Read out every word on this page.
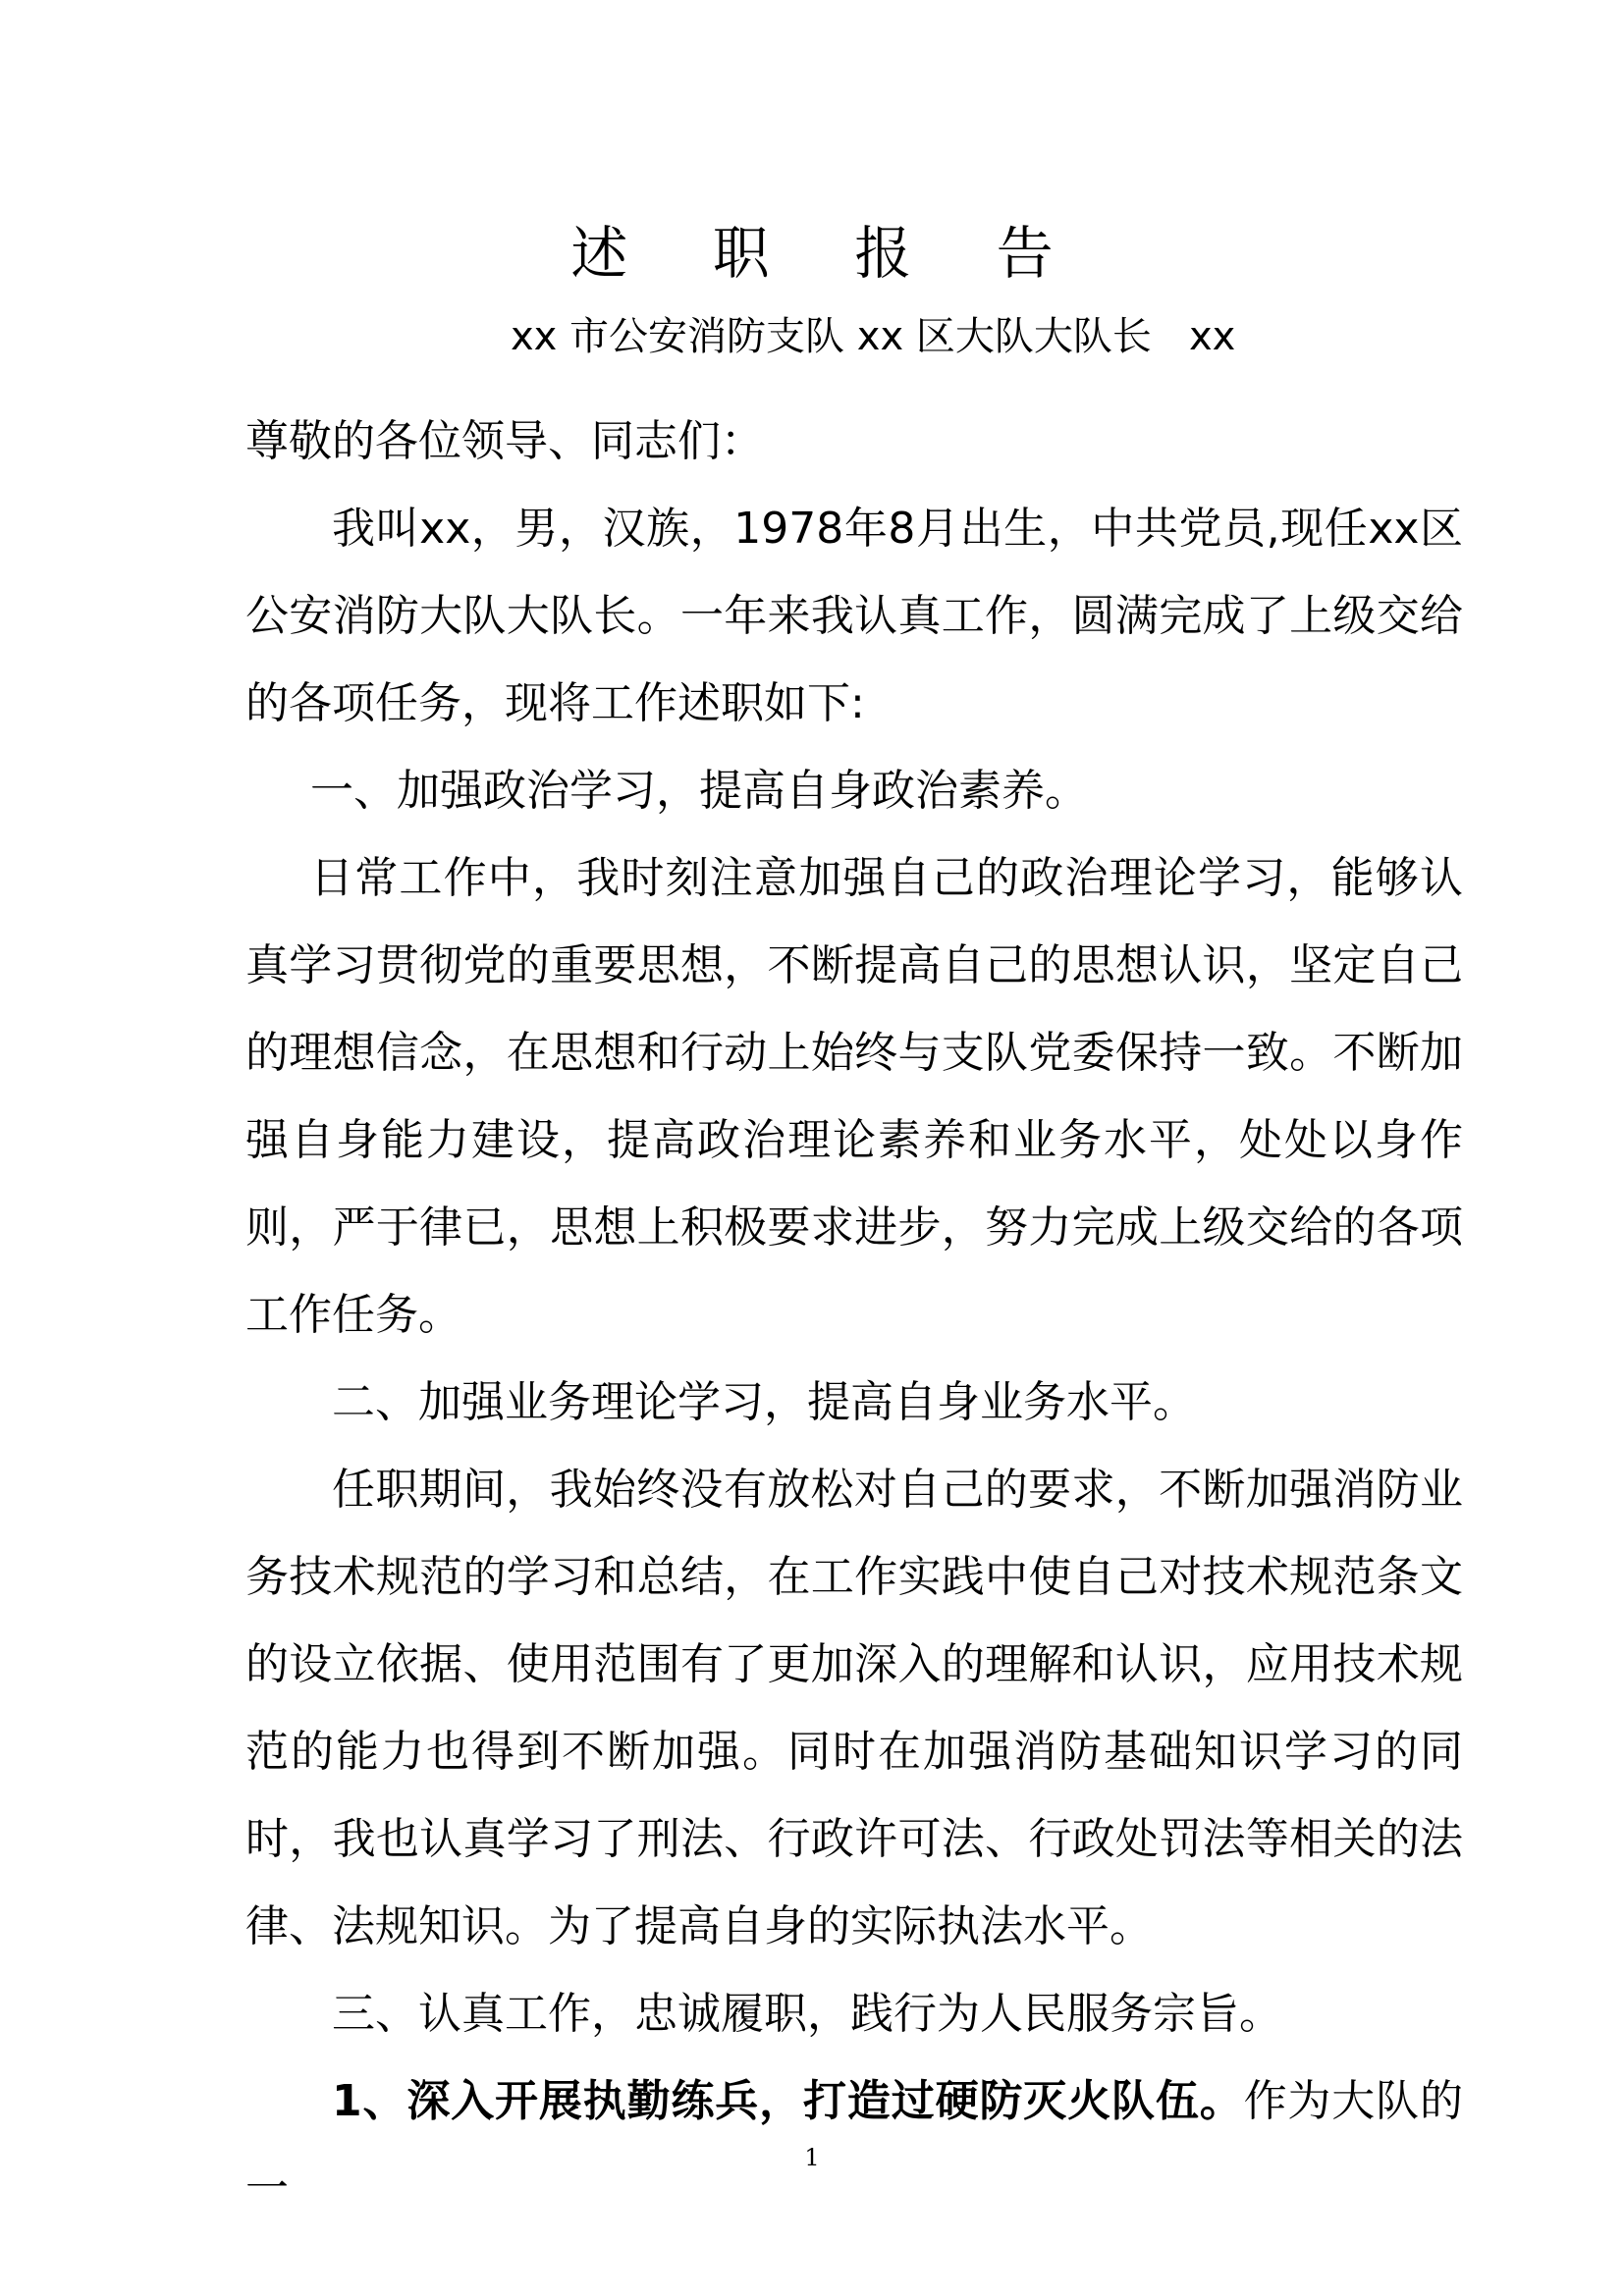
述 职 报 告
xx 市公安消防支队 xx 区大队大队长   xx

尊敬的各位领导、同志们：

我叫xx，男，汉族，1978年8月出生，中共党员,现任xx区公安消防大队大队长。一年来我认真工作，圆满完成了上级交给的各项任务，现将工作述职如下:

一、加强政治学习，提高自身政治素养。

日常工作中，我时刻注意加强自己的政治理论学习，能够认真学习贯彻党的重要思想，不断提高自己的思想认识，坚定自己的理想信念，在思想和行动上始终与支队党委保持一致。不断加强自身能力建设，提高政治理论素养和业务水平，处处以身作则，严于律已，思想上积极要求进步，努力完成上级交给的各项工作任务。

二、加强业务理论学习，提高自身业务水平。

任职期间，我始终没有放松对自己的要求，不断加强消防业务技术规范的学习和总结，在工作实践中使自己对技术规范条文的设立依据、使用范围有了更加深入的理解和认识，应用技术规范的能力也得到不断加强。同时在加强消防基础知识学习的同时，我也认真学习了刑法、行政许可法、行政处罚法等相关的法律、法规知识。为了提高自身的实际执法水平。

三、认真工作，忠诚履职，践行为人民服务宗旨。

1、深入开展执勤练兵，打造过硬防灭火队伍。作为大队的一

1
